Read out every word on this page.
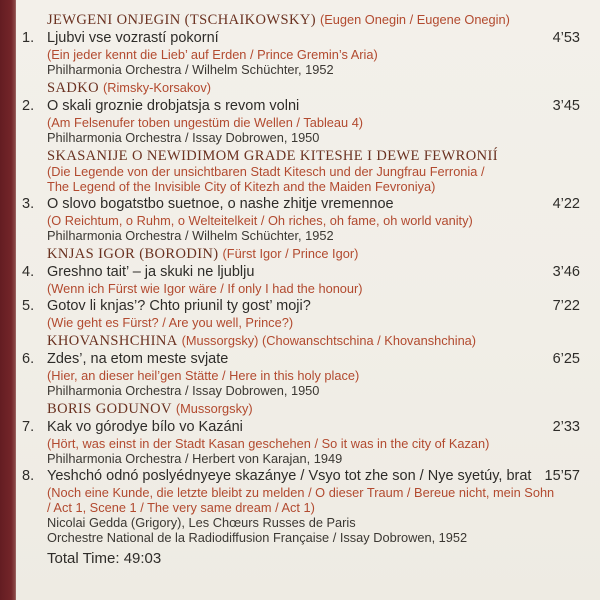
JEWGENI ONJEGIN (TSCHAIKOWSKY) (Eugen Onegin / Eugene Onegin)
1. Ljubvi vse vozrastí pokorní	4’53
(Ein jeder kennt die Lieb’ auf Erden / Prince Gremin’s Aria)
Philharmonia Orchestra / Wilhelm Schüchter, 1952
SADKO (Rimsky-Korsakov)
2. O skali groznie drobjatsja s revom volni	3’45
(Am Felsenufer toben ungestüm die Wellen / Tableau 4)
Philharmonia Orchestra / Issay Dobrowen, 1950
SKASANIJE O NEWIDIMOM GRADE KITESHE I DEWE FEWRONIÍ
(Die Legende von der unsichtbaren Stadt Kitesch und der Jungfrau Ferronia /
The Legend of the Invisible City of Kitezh and the Maiden Fevroniya)
3. O slovo bogatstbo suetnoe, o nashe zhitje vremennoe	4’22
(O Reichtum, o Ruhm, o Welteitelkeit / Oh riches, oh fame, oh world vanity)
Philharmonia Orchestra / Wilhelm Schüchter, 1952
KNJAS IGOR (BORODIN) (Fürst Igor / Prince Igor)
4. Greshno tait’ – ja skuki ne ljublju	3’46
(Wenn ich Fürst wie Igor wäre / If only I had the honour)
5. Gotov li knjas’? Chto priunil ty gost’ moji?	7’22
(Wie geht es Fürst? / Are you well, Prince?)
KHOVANSHCHINA (Mussorgsky) (Chowanschtschina / Khovanshchina)
6. Zdes’, na etom meste svjate	6’25
(Hier, an dieser heil’gen Stätte / Here in this holy place)
Philharmonia Orchestra / Issay Dobrowen, 1950
BORIS GODUNOV (Mussorgsky)
7. Kak vo górodye bílo vo Kazáni	2’33
(Hört, was einst in der Stadt Kasan geschehen / So it was in the city of Kazan)
Philharmonia Orchestra / Herbert von Karajan, 1949
8. Yeshchó odnó poslyédnyeye skazánye / Vsyo tot zhe son / Nye syetúy, brat 15’57
(Noch eine Kunde, die letzte bleibt zu melden / O dieser Traum / Bereue nicht, mein Sohn
/ Act 1, Scene 1 / The very same dream / Act 1)
Nicolai Gedda (Grigory), Les Chœurs Russes de Paris
Orchestre National de la Radiodiffusion Française / Issay Dobrowen, 1952
Total Time: 49:03
